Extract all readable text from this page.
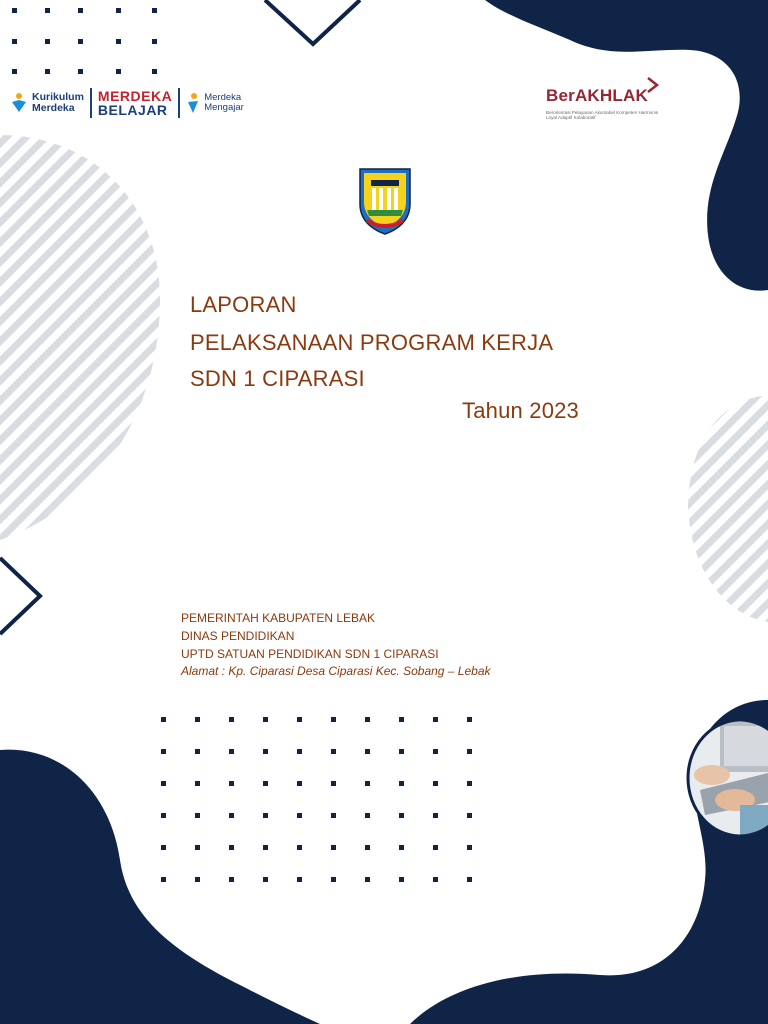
Kurikulum
Merdeka
MERDEKA
BELAJAR
Merdeka
Mengajar
BerAKHLAK
Berorientasi Pelayanan Akuntabel Kompeten Harmonis Loyal Adaptif Kolaboratif
LAPORAN
PELAKSANAAN PROGRAM KERJA
SDN 1 CIPARASI
Tahun 2023
PEMERINTAH KABUPATEN LEBAK
DINAS PENDIDIKAN
UPTD SATUAN PENDIDIKAN SDN 1 CIPARASI
Alamat : Kp. Ciparasi Desa Ciparasi Kec. Sobang – Lebak
